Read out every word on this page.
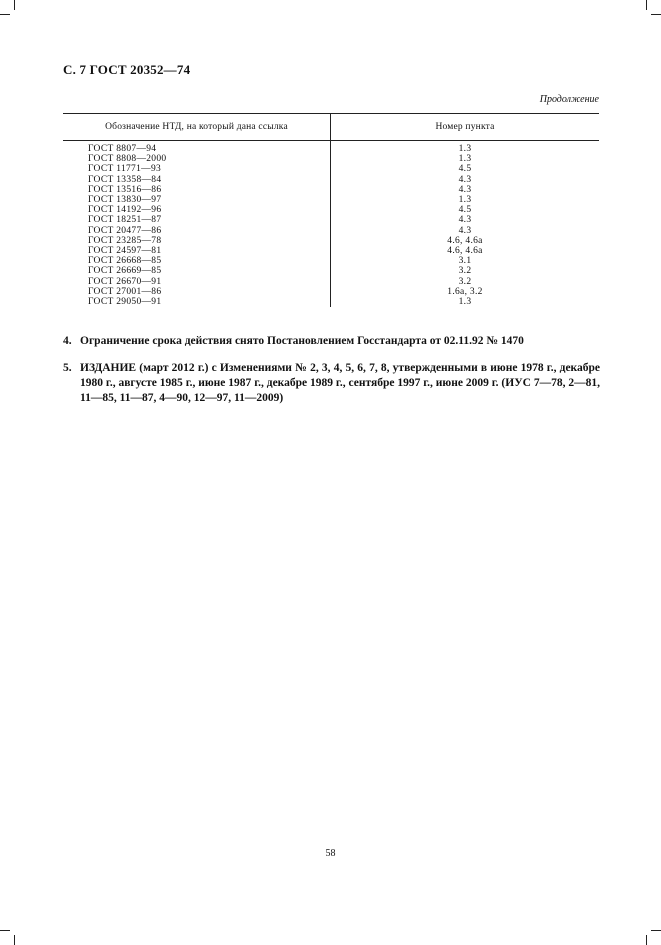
С. 7 ГОСТ 20352—74
Продолжение
Обозначение НТД, на который дана ссылка	Номер пункта
ГОСТ 8807—94	1.3
ГОСТ 8808—2000	1.3
ГОСТ 11771—93	4.5
ГОСТ 13358—84	4.3
ГОСТ 13516—86	4.3
ГОСТ 13830—97	1.3
ГОСТ 14192—96	4.5
ГОСТ 18251—87	4.3
ГОСТ 20477—86	4.3
ГОСТ 23285—78	4.6, 4.6а
ГОСТ 24597—81	4.6, 4.6а
ГОСТ 26668—85	3.1
ГОСТ 26669—85	3.2
ГОСТ 26670—91	3.2
ГОСТ 27001—86	1.6а, 3.2
ГОСТ 29050—91	1.3
4. Ограничение срока действия снято Постановлением Госстандарта от 02.11.92 № 1470
5. ИЗДАНИЕ (март 2012 г.) с Изменениями № 2, 3, 4, 5, 6, 7, 8, утвержденными в июне 1978 г., декабре 1980 г., августе 1985 г., июне 1987 г., декабре 1989 г., сентябре 1997 г., июне 2009 г. (ИУС 7—78, 2—81, 11—85, 11—87, 4—90, 12—97, 11—2009)
58
